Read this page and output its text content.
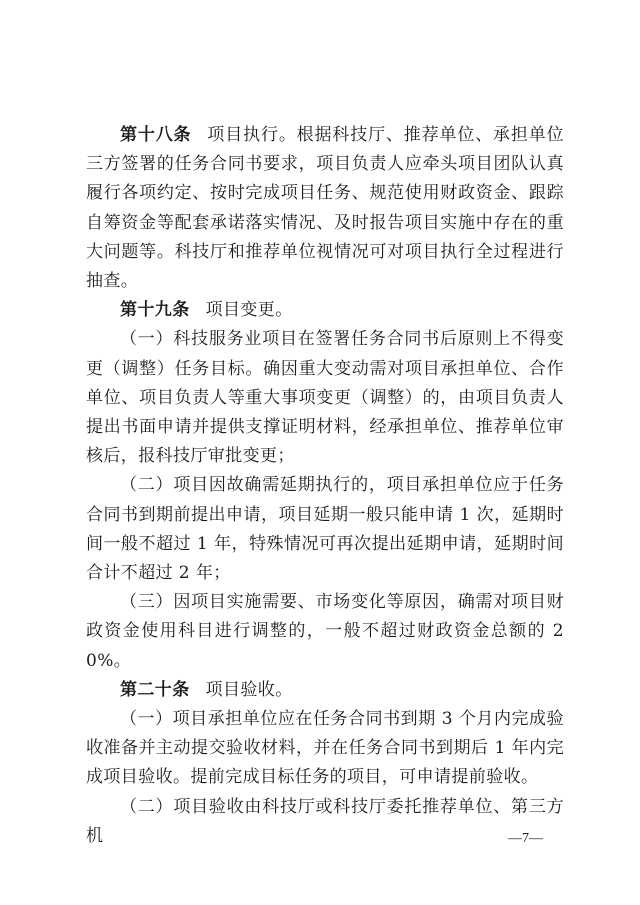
第十八条 项目执行。根据科技厅、推荐单位、承担单位三方签署的任务合同书要求，项目负责人应牵头项目团队认真履行各项约定、按时完成项目任务、规范使用财政资金、跟踪自筹资金等配套承诺落实情况、及时报告项目实施中存在的重大问题等。科技厅和推荐单位视情况可对项目执行全过程进行抽查。

第十九条 项目变更。

（一）科技服务业项目在签署任务合同书后原则上不得变更（调整）任务目标。确因重大变动需对项目承担单位、合作单位、项目负责人等重大事项变更（调整）的，由项目负责人提出书面申请并提供支撑证明材料，经承担单位、推荐单位审核后，报科技厅审批变更；

（二）项目因故确需延期执行的，项目承担单位应于任务合同书到期前提出申请，项目延期一般只能申请 1 次，延期时间一般不超过 1 年，特殊情况可再次提出延期申请，延期时间合计不超过 2 年；

（三）因项目实施需要、市场变化等原因，确需对项目财政资金使用科目进行调整的，一般不超过财政资金总额的 20%。

第二十条 项目验收。

（一）项目承担单位应在任务合同书到期 3 个月内完成验收准备并主动提交验收材料，并在任务合同书到期后 1 年内完成项目验收。提前完成目标任务的项目，可申请提前验收。

（二）项目验收由科技厅或科技厅委托推荐单位、第三方机	—7—
